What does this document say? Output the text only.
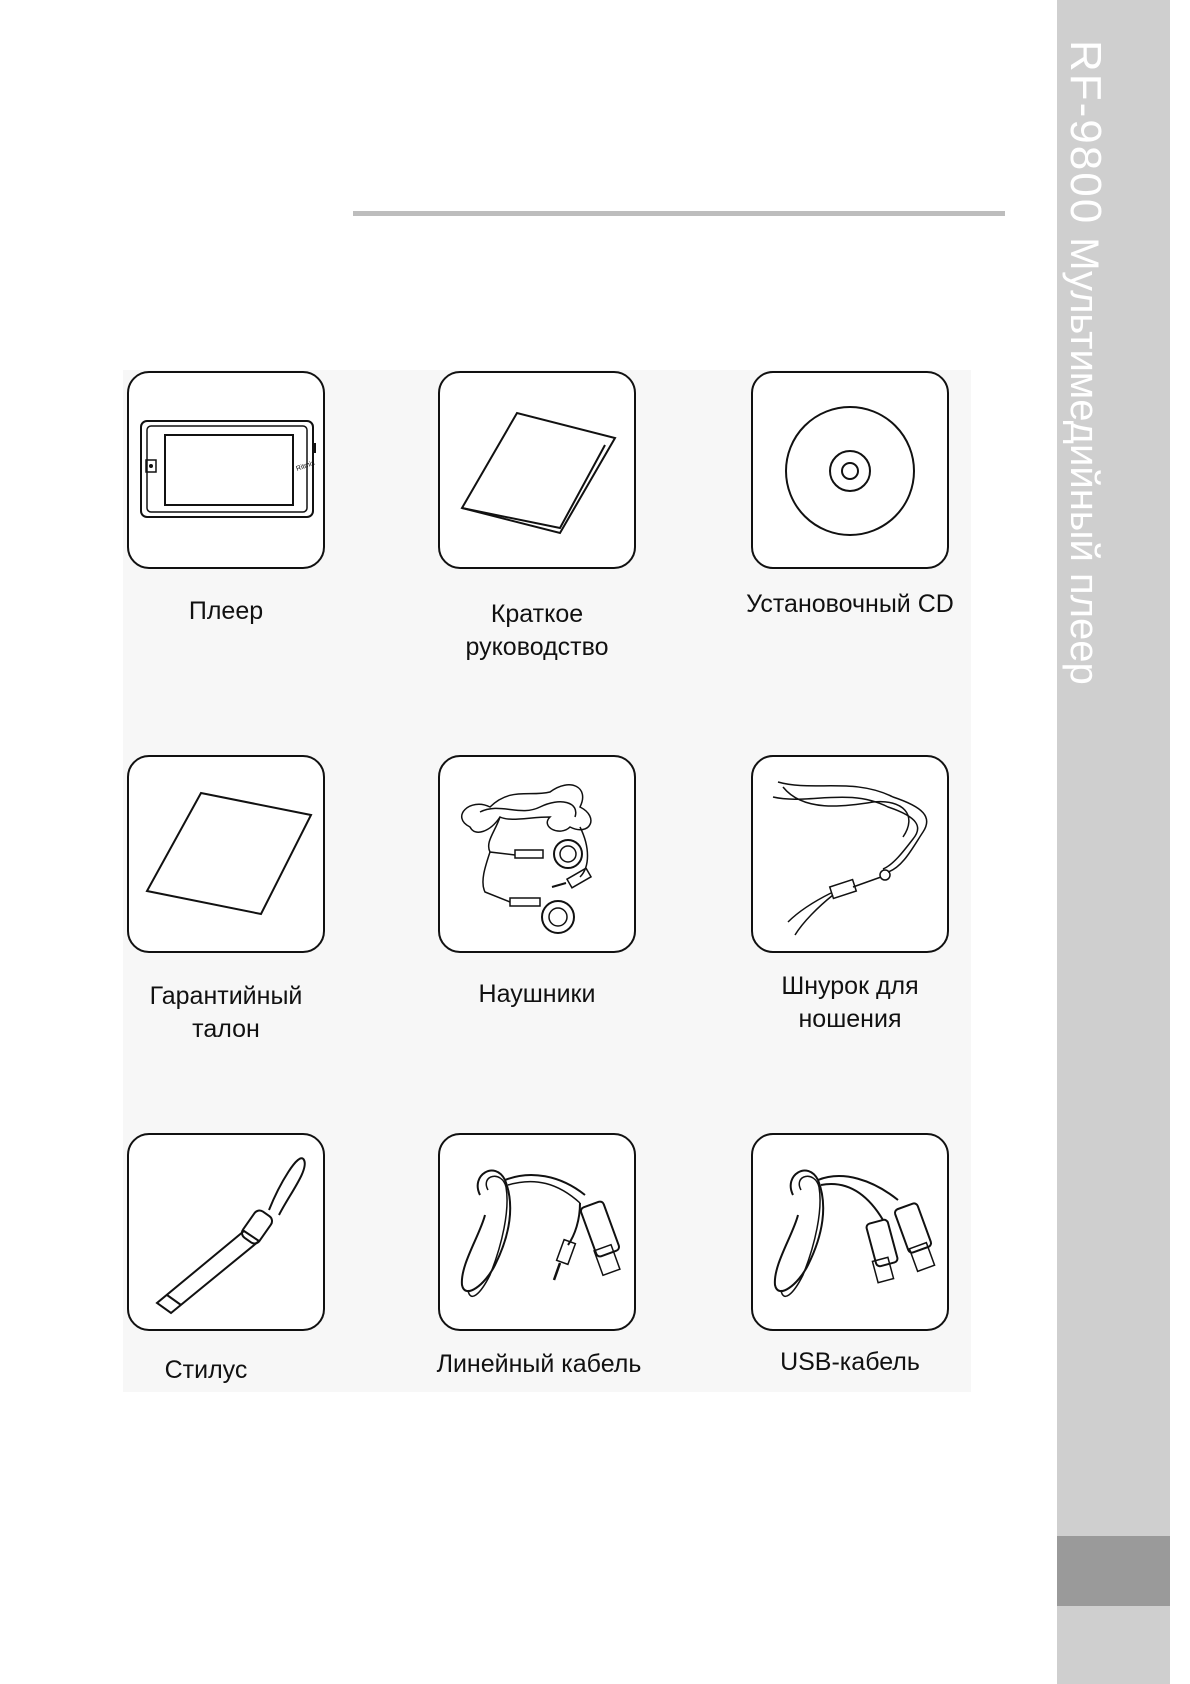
RF-9800Мультимедийный плеер
Ritmix
Плеер	Краткое
руководство
Установочный CD
Гарантийный
талон
Наушники	Шнурок для
ношения
Стилус	Линейный кабель	USB-кабель
